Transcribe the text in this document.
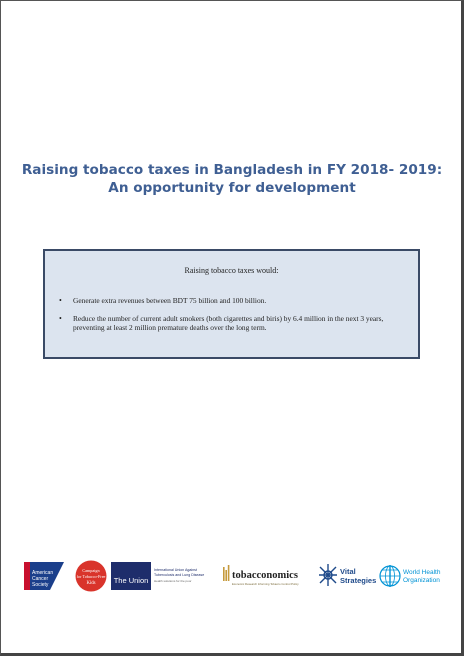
Raising tobacco taxes in Bangladesh in FY 2018- 2019:
An opportunity for development
Raising tobacco taxes would:
•	Generate extra revenues between BDT 75 billion and 100 billion.
•	Reduce the number of current adult smokers (both cigarettes and biris) by 6.4 million in the next 3 years, preventing at least 2 million premature deaths over the long term.
American
Cancer
Society
Campaign
for Tobacco-Free
Kids The Union
International Union Against
Tuberculosis and Lung Disease
Health solutions for the poor	tobacconomics
Economic Research Informing Tobacco Control Policy
Vital
Strategies
World Health
Organization
